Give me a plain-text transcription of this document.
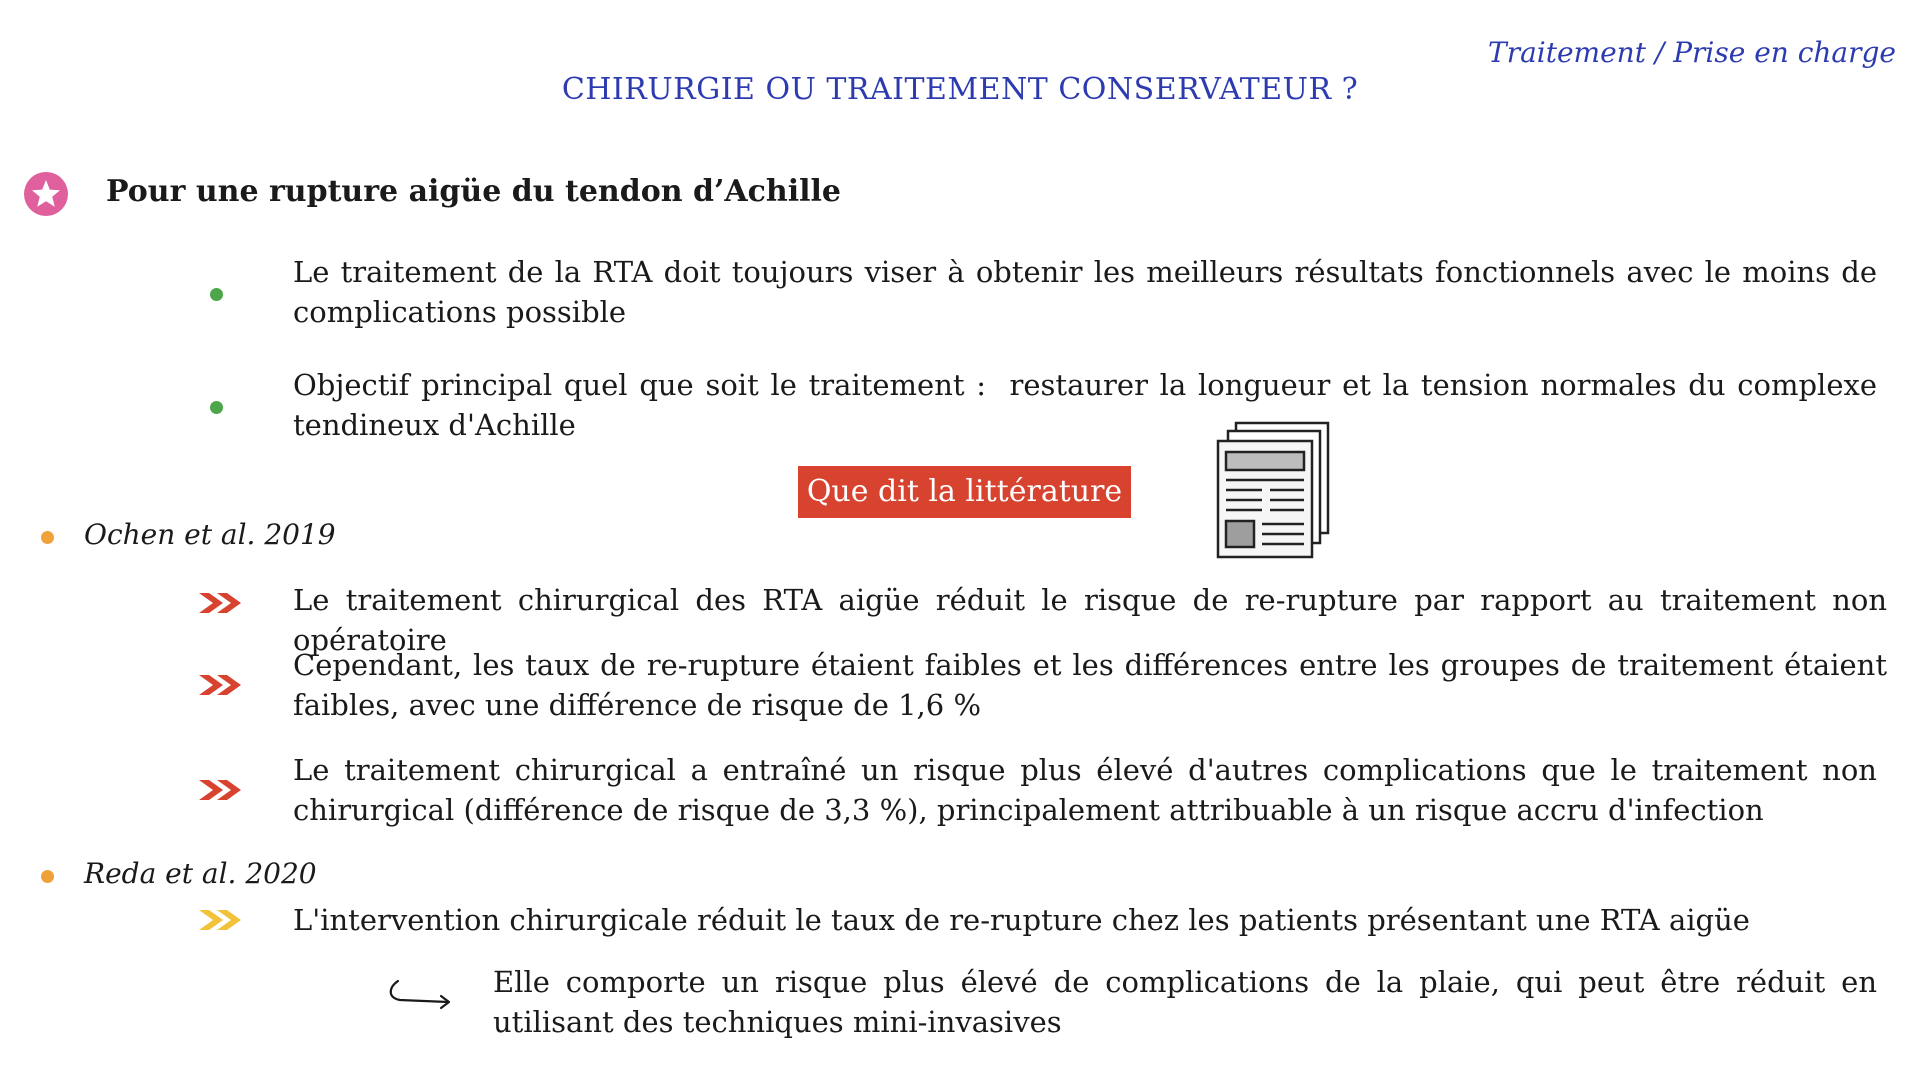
Traitement / Prise en charge
CHIRURGIE OU TRAITEMENT CONSERVATEUR ?
Pour une rupture aigüe du tendon d’Achille
Le traitement de la RTA doit toujours viser à obtenir les meilleurs résultats fonctionnels avec le moins de complications possible
Objectif principal quel que soit le traitement :  restaurer la longueur et la tension normales du complexe tendineux d'Achille
Que dit la littérature ?
Ochen et al. 2019
Le traitement chirurgical des RTA aigüe réduit le risque de re-rupture par rapport au traitement non opératoire
Cependant, les taux de re-rupture étaient faibles et les différences entre les groupes de traitement étaient faibles, avec une différence de risque de 1,6 %
Le traitement chirurgical a entraîné un risque plus élevé d'autres complications que le traitement non chirurgical (différence de risque de 3,3 %), principalement attribuable à un risque accru d'infection
Reda et al. 2020
L'intervention chirurgicale réduit le taux de re-rupture chez les patients présentant une RTA aigüe
Elle comporte un risque plus élevé de complications de la plaie, qui peut être réduit en utilisant des techniques mini-invasives
